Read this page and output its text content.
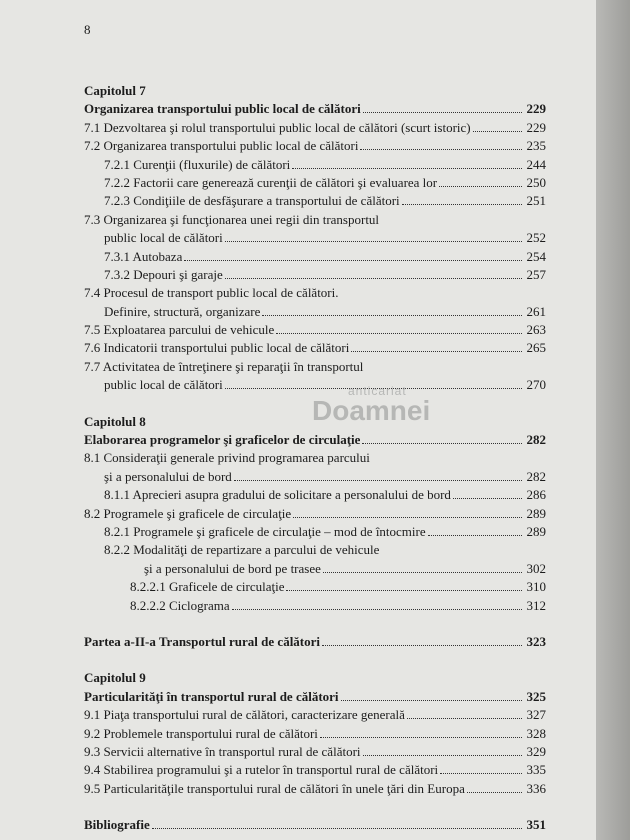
8
Capitolul 7
Organizarea transportului public local de călători	229
7.1 Dezvoltarea şi rolul transportului public local de călători (scurt istoric)	229
7.2 Organizarea transportului public local de călători	235
7.2.1 Curenţii (fluxurile) de călători	244
7.2.2 Factorii care generează curenţii de călători şi evaluarea lor	250
7.2.3 Condiţiile de desfăşurare a transportului de călători	251
7.3 Organizarea şi funcţionarea unei regii din transportul
public local de călători	252
7.3.1 Autobaza	254
7.3.2 Depouri şi garaje	257
7.4 Procesul de transport public local de călători.
Definire, structură, organizare	261
7.5 Exploatarea parcului de vehicule	263
7.6 Indicatorii transportului public local de călători	265
7.7 Activitatea de întreţinere şi reparaţii în transportul
public local de călători	270
Capitolul 8
Elaborarea programelor şi graficelor de circulaţie	282
8.1 Consideraţii generale privind programarea parcului
şi a personalului de bord	282
8.1.1 Aprecieri asupra gradului de solicitare a personalului de bord	286
8.2 Programele şi graficele de circulaţie	289
8.2.1 Programele şi graficele de circulaţie – mod de întocmire	289
8.2.2 Modalităţi de repartizare a parcului de vehicule
şi a personalului de bord pe trasee	302
8.2.2.1 Graficele de circulaţie	310
8.2.2.2 Ciclograma	312
Partea a-II-a Transportul rural de călători	323
Capitolul 9
Particularităţi în transportul rural de călători	325
9.1 Piaţa transportului rural de călători, caracterizare generală	327
9.2 Problemele transportului rural de călători	328
9.3 Servicii alternative în transportul rural de călători	329
9.4 Stabilirea programului şi a rutelor în transportul rural de călători	335
9.5 Particularităţile transportului rural de călători în unele ţări din Europa	336
Bibliografie	351
anticariat
Doamnei
